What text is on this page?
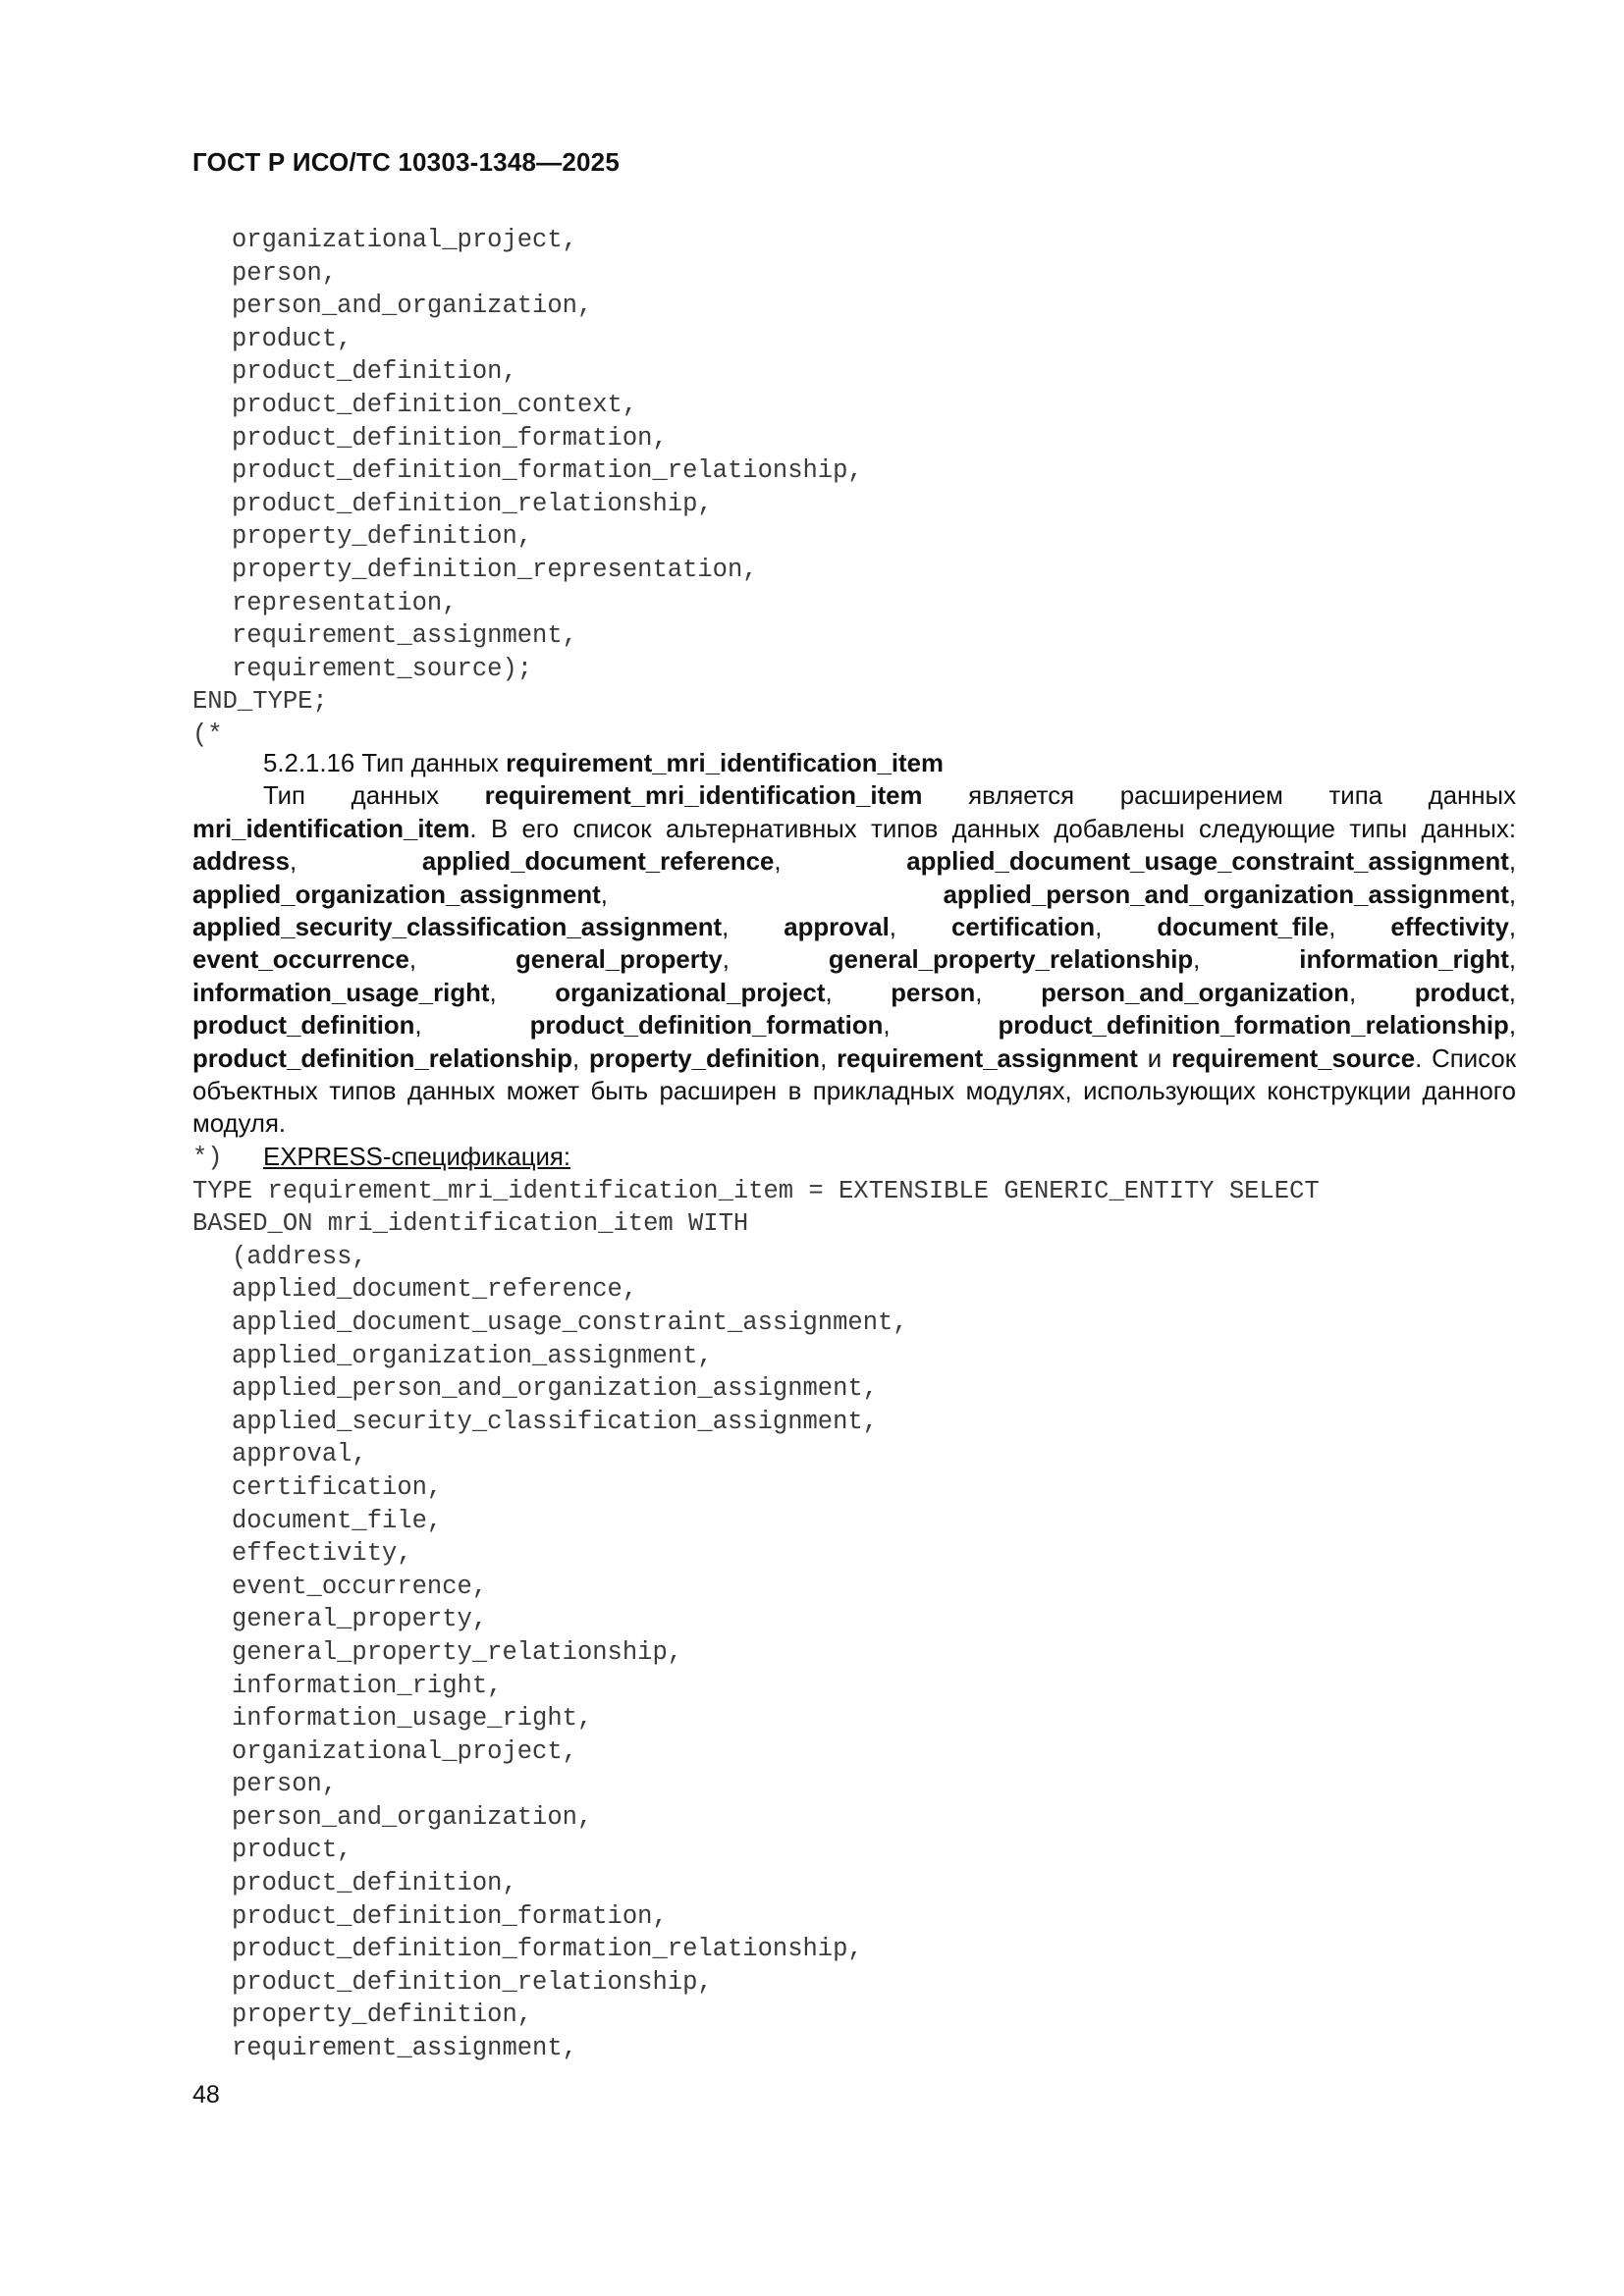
ГОСТ Р ИСО/ТС 10303-1348—2025
organizational_project,
person,
person_and_organization,
product,
product_definition,
product_definition_context,
product_definition_formation,
product_definition_formation_relationship,
product_definition_relationship,
property_definition,
property_definition_representation,
representation,
requirement_assignment,
requirement_source);
END_TYPE;
(*

5.2.1.16 Тип данных requirement_mri_identification_item

Тип данных requirement_mri_identification_item является расширением типа данных mri_identification_item. В его список альтернативных типов данных добавлены следующие типы данных: address, applied_document_reference, applied_document_usage_constraint_assignment, applied_organization_assignment, applied_person_and_organization_assignment, applied_security_classification_assignment, approval, certification, document_file, effectivity, event_occurrence, general_property, general_property_relationship, information_right, information_usage_right, organizational_project, person, person_and_organization, product, product_definition, product_definition_formation, product_definition_formation_relationship, product_definition_relationship, property_definition, requirement_assignment и requirement_source. Список объектных типов данных может быть расширен в прикладных модулях, использующих конструкции данного модуля.

EXPRESS-спецификация:

*)
TYPE requirement_mri_identification_item = EXTENSIBLE GENERIC_ENTITY SELECT
BASED_ON mri_identification_item WITH
(address,
applied_document_reference,
applied_document_usage_constraint_assignment,
applied_organization_assignment,
applied_person_and_organization_assignment,
applied_security_classification_assignment,
approval,
certification,
document_file,
effectivity,
event_occurrence,
general_property,
general_property_relationship,
information_right,
information_usage_right,
organizational_project,
person,
person_and_organization,
product,
product_definition,
product_definition_formation,
product_definition_formation_relationship,
product_definition_relationship,
property_definition,
requirement_assignment,
48
